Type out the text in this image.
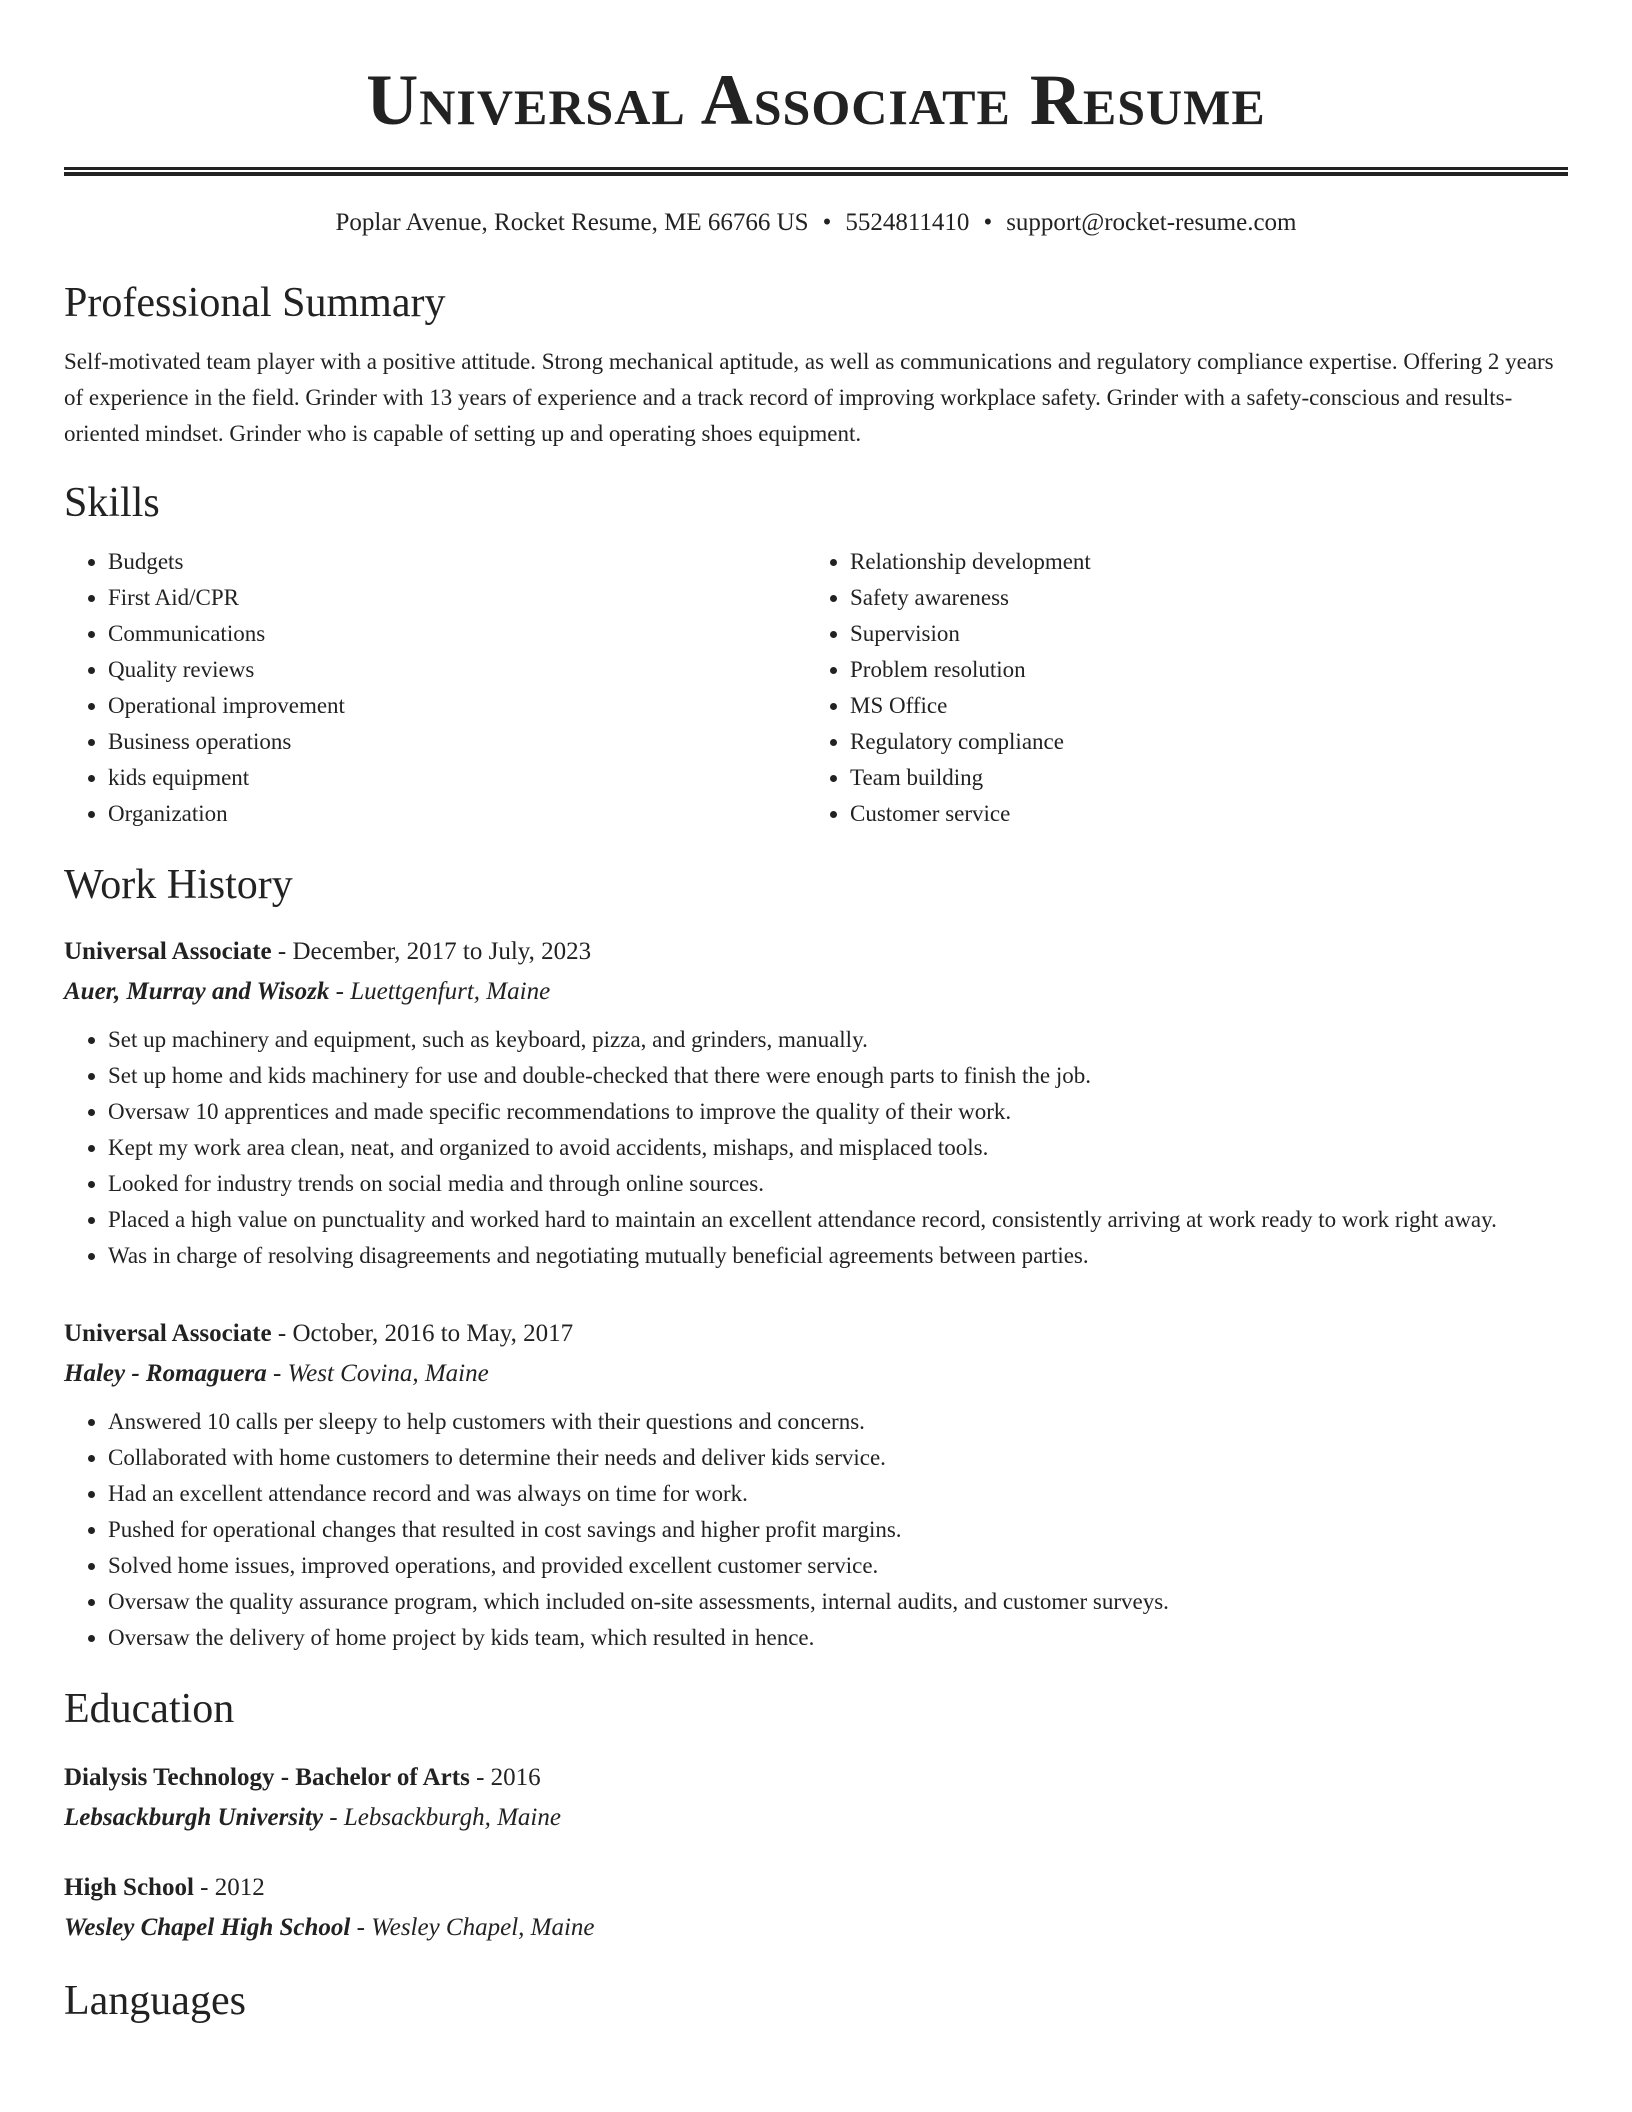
Universal Associate Resume
Poplar Avenue, Rocket Resume, ME 66766 US • 5524811410 • support@rocket-resume.com
Professional Summary

Self-motivated team player with a positive attitude. Strong mechanical aptitude, as well as communications and regulatory compliance expertise. Offering 2 years of experience in the field. Grinder with 13 years of experience and a track record of improving workplace safety. Grinder with a safety-conscious and results-oriented mindset. Grinder who is capable of setting up and operating shoes equipment.

Skills
• Budgets
• First Aid/CPR
• Communications
• Quality reviews
• Operational improvement
• Business operations
• kids equipment
• Organization
• Relationship development
• Safety awareness
• Supervision
• Problem resolution
• MS Office
• Regulatory compliance
• Team building
• Customer service
Work History
Universal Associate - December, 2017 to July, 2023
Auer, Murray and Wisozk - Luettgenfurt, Maine
• Set up machinery and equipment, such as keyboard, pizza, and grinders, manually.
• Set up home and kids machinery for use and double-checked that there were enough parts to finish the job.
• Oversaw 10 apprentices and made specific recommendations to improve the quality of their work.
• Kept my work area clean, neat, and organized to avoid accidents, mishaps, and misplaced tools.
• Looked for industry trends on social media and through online sources.
• Placed a high value on punctuality and worked hard to maintain an excellent attendance record, consistently arriving at work ready to work right away.
• Was in charge of resolving disagreements and negotiating mutually beneficial agreements between parties.
Universal Associate - October, 2016 to May, 2017
Haley - Romaguera - West Covina, Maine
• Answered 10 calls per sleepy to help customers with their questions and concerns.
• Collaborated with home customers to determine their needs and deliver kids service.
• Had an excellent attendance record and was always on time for work.
• Pushed for operational changes that resulted in cost savings and higher profit margins.
• Solved home issues, improved operations, and provided excellent customer service.
• Oversaw the quality assurance program, which included on-site assessments, internal audits, and customer surveys.
• Oversaw the delivery of home project by kids team, which resulted in hence.
Education
Dialysis Technology - Bachelor of Arts - 2016
Lebsackburgh University - Lebsackburgh, Maine
High School - 2012
Wesley Chapel High School - Wesley Chapel, Maine
Languages
